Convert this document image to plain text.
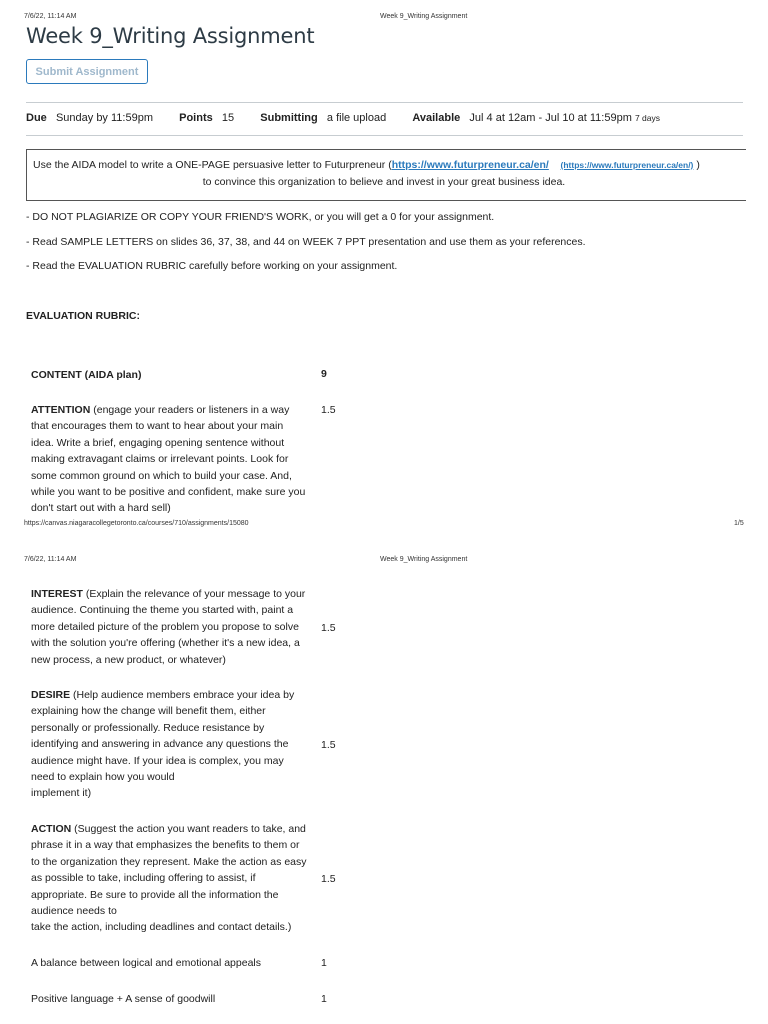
7/6/22, 11:14 AM	Week 9_Writing Assignment
Week 9_Writing Assignment
Submit Assignment
Due Sunday by 11:59pm Points 15 Submitting a file upload Available Jul 4 at 12am - Jul 10 at 11:59pm 7 days
Use the AIDA model to write a ONE-PAGE persuasive letter to Futurpreneur (https://www.futurpreneur.ca/en/ (https://www.futurpreneur.ca/en/) )
to convince this organization to believe and invest in your great business idea.
- DO NOT PLAGIARIZE OR COPY YOUR FRIEND'S WORK, or you will get a 0 for your assignment.
- Read SAMPLE LETTERS on slides 36, 37, 38, and 44 on WEEK 7 PPT presentation and use them as your references.
- Read the EVALUATION RUBRIC carefully before working on your assignment.
EVALUATION RUBRIC:
CONTENT (AIDA plan)	9
ATTENTION (engage your readers or listeners in a way
that encourages them to want to hear about your main
idea. Write a brief, engaging opening sentence without
making extravagant claims or irrelevant points. Look for
some common ground on which to build your case. And,
while you want to be positive and confident, make sure you
don't start out with a hard sell)
1.5
https://canvas.niagaracollegetoronto.ca/courses/710/assignments/15080	1/5
7/6/22, 11:14 AM	Week 9_Writing Assignment
INTEREST (Explain the relevance of your message to your
audience. Continuing the theme you started with, paint a
more detailed picture of the problem you propose to solve
with the solution you're offering (whether it's a new idea, a
new process, a new product, or whatever)
1.5
DESIRE (Help audience members embrace your idea by
explaining how the change will benefit them, either
personally or professionally. Reduce resistance by
identifying and answering in advance any questions the
audience might have. If your idea is complex, you may
need to explain how you would
implement it)
1.5
ACTION (Suggest the action you want readers to take, and
phrase it in a way that emphasizes the benefits to them or
to the organization they represent. Make the action as easy
as possible to take, including offering to assist, if
appropriate. Be sure to provide all the information the
audience needs to
take the action, including deadlines and contact details.)
1.5
A balance between logical and emotional appeals	1
Positive language + A sense of goodwill	1
